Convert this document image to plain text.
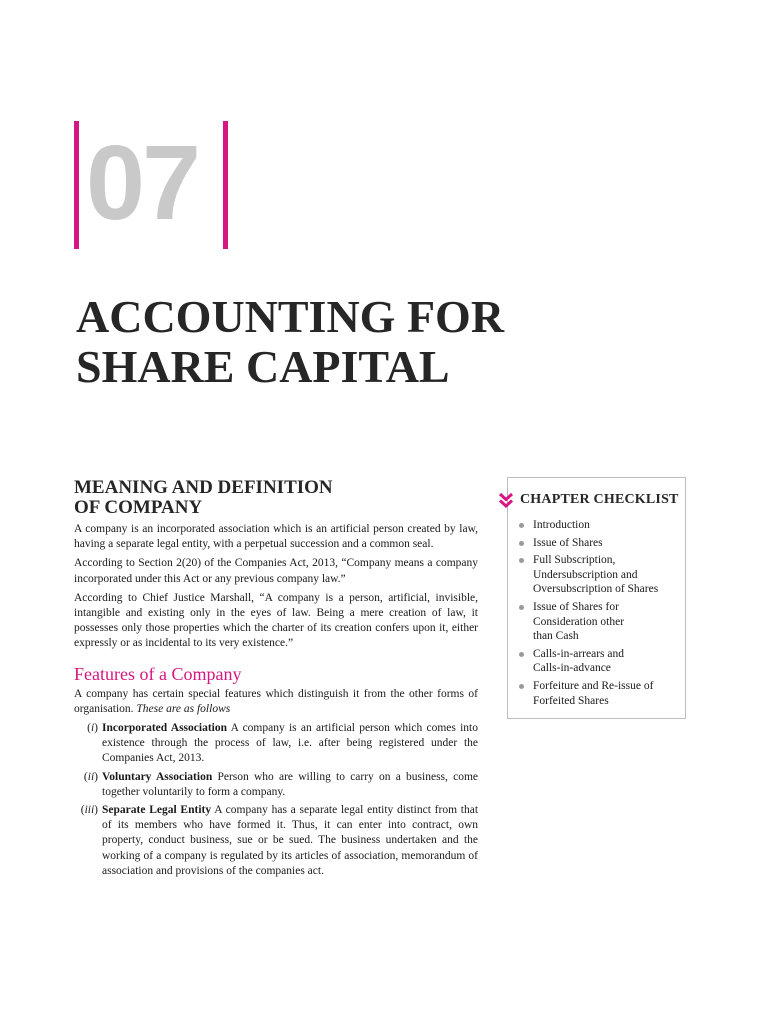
07
ACCOUNTING FOR
SHARE CAPITAL
MEANING AND DEFINITION
OF COMPANY

A company is an incorporated association which is an artificial person created by law, having a separate legal entity, with a perpetual succession and a common seal.

According to Section 2(20) of the Companies Act, 2013, “Company means a company incorporated under this Act or any previous company law.”

According to Chief Justice Marshall, “A company is a person, artificial, invisible, intangible and existing only in the eyes of law. Being a mere creation of law, it possesses only those properties which the charter of its creation confers upon it, either expressly or as incidental to its very existence.”

Features of a Company

A company has certain special features which distinguish it from the other forms of organisation. These are as follows

(i) Incorporated Association A company is an artificial person which comes into existence through the process of law, i.e. after being registered under the Companies Act, 2013.
(ii) Voluntary Association Person who are willing to carry on a business, come together voluntarily to form a company.
(iii) Separate Legal Entity A company has a separate legal entity distinct from that of its members who have formed it. Thus, it can enter into contract, own property, conduct business, sue or be sued. The business undertaken and the working of a company is regulated by its articles of association, memorandum of association and provisions of the companies act.
CHAPTER CHECKLIST
Introduction
Issue of Shares
Full Subscription,
Undersubscription and
Oversubscription of Shares
Issue of Shares for
Consideration other
than Cash
Calls-in-arrears and
Calls-in-advance
Forfeiture and Re-issue of
Forfeited Shares
